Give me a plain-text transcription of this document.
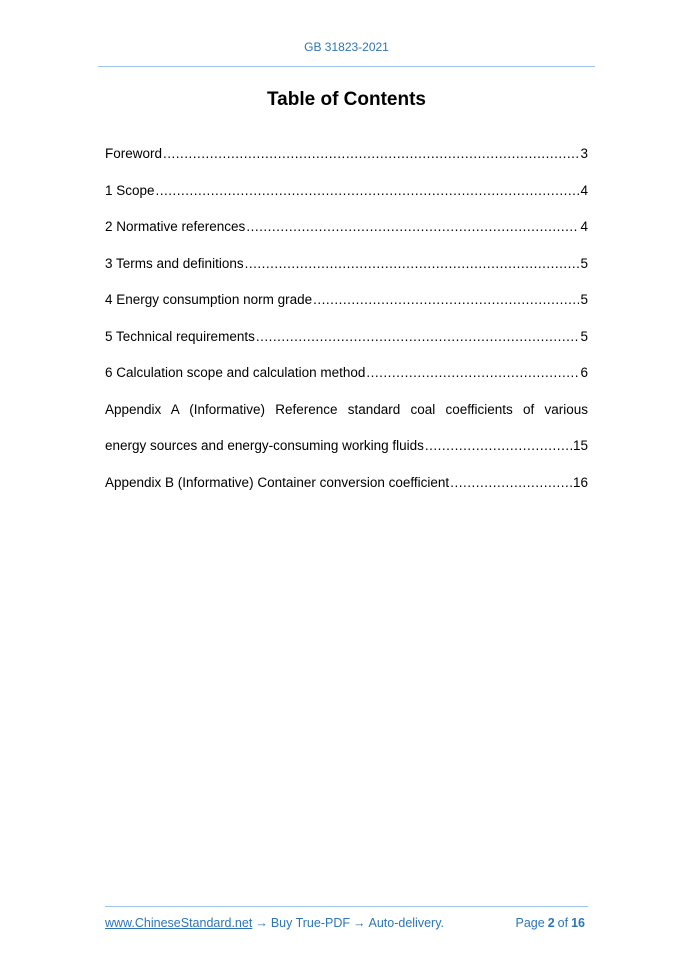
GB 31823-2021
Table of Contents
Foreword .....	3
1 Scope .....	4
2 Normative references .....	4
3 Terms and definitions .....	5
4 Energy consumption norm grade .....	5
5 Technical requirements .....	5
6 Calculation scope and calculation method .....	6
Appendix A (Informative) Reference standard coal coefficients of various
energy sources and energy-consuming working fluids .....	15
Appendix B (Informative) Container conversion coefficient .....	16
www.ChineseStandard.net → Buy True-PDF → Auto-delivery.	Page 2 of 16
